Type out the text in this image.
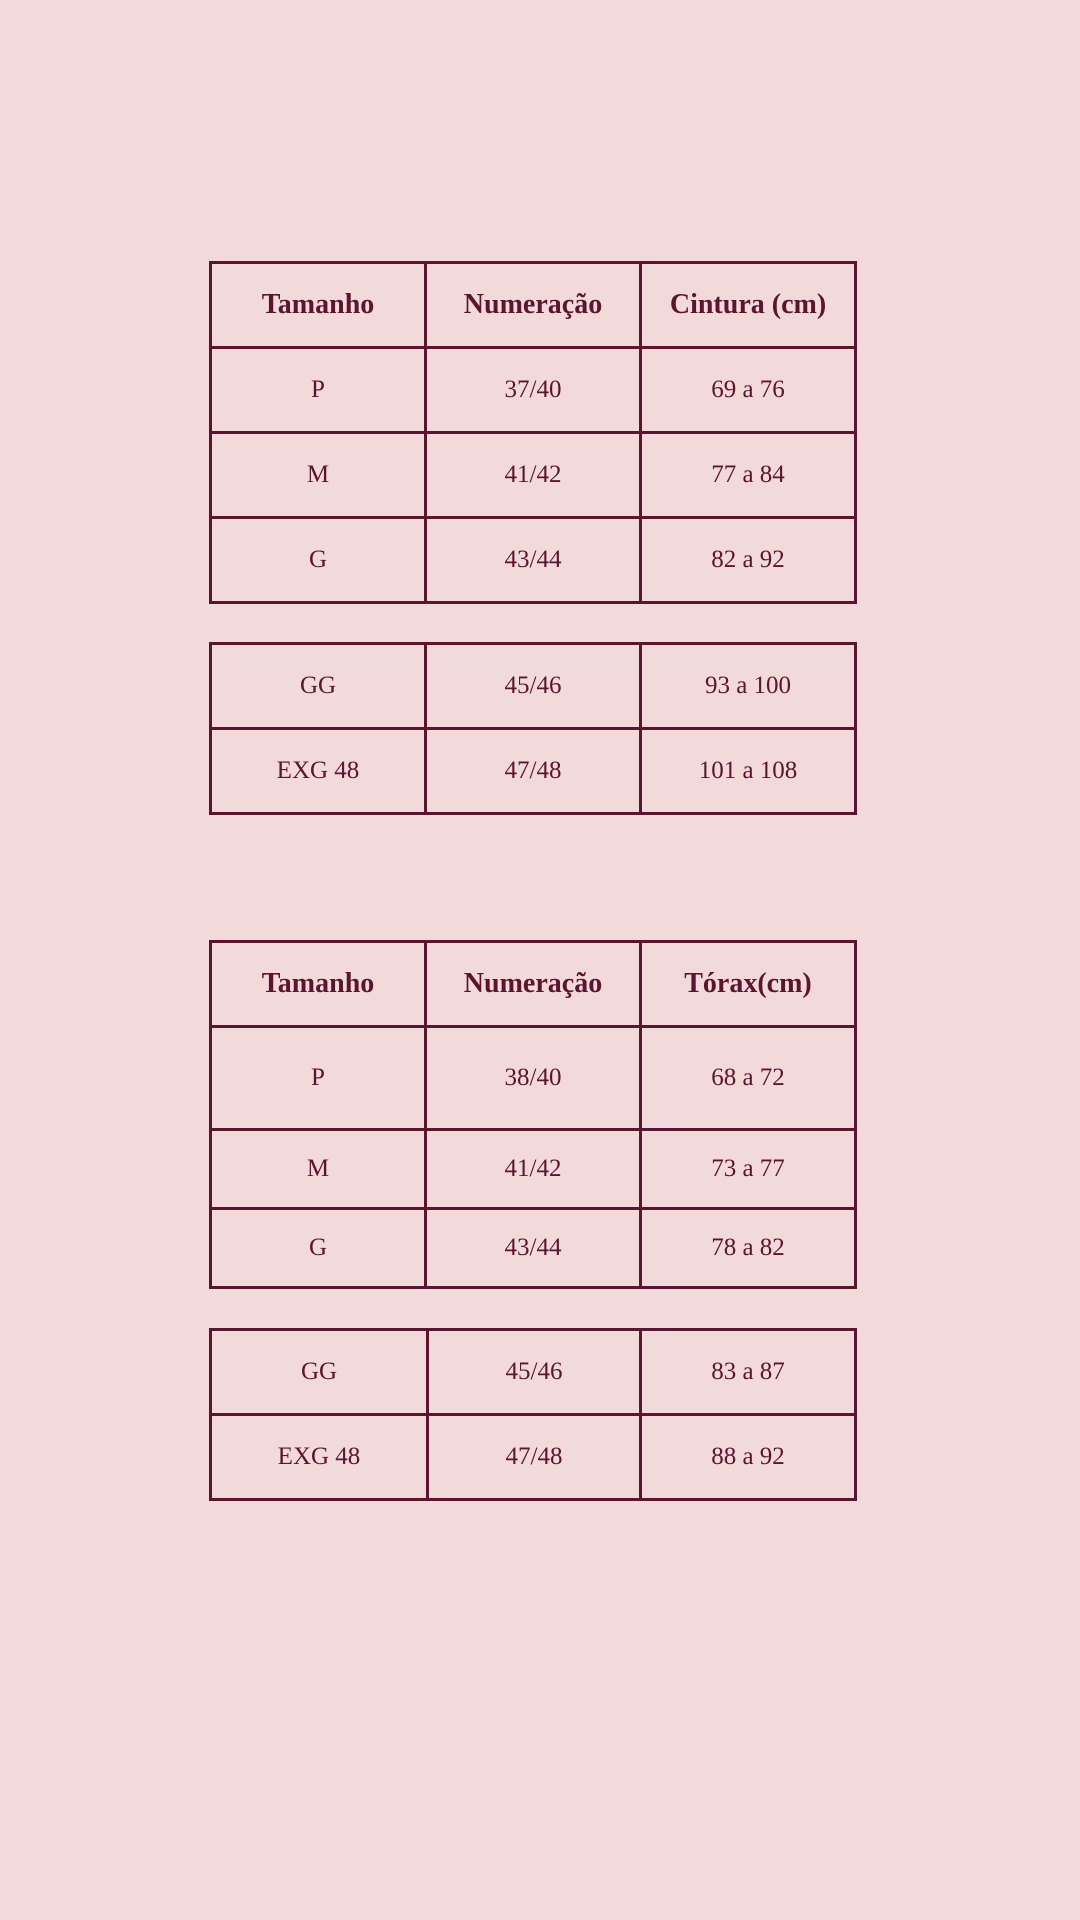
Tamanho	Numeração	Cintura (cm)
P	37/40	69 a 76
M	41/42	77 a 84
G	43/44	82 a 92
GG	45/46	93 a 100
EXG 48	47/48	101 a 108
Tamanho	Numeração	Tórax(cm)
P	38/40	68 a 72
M	41/42	73 a 77
G	43/44	78 a 82
GG	45/46	83 a 87
EXG 48	47/48	88 a 92
